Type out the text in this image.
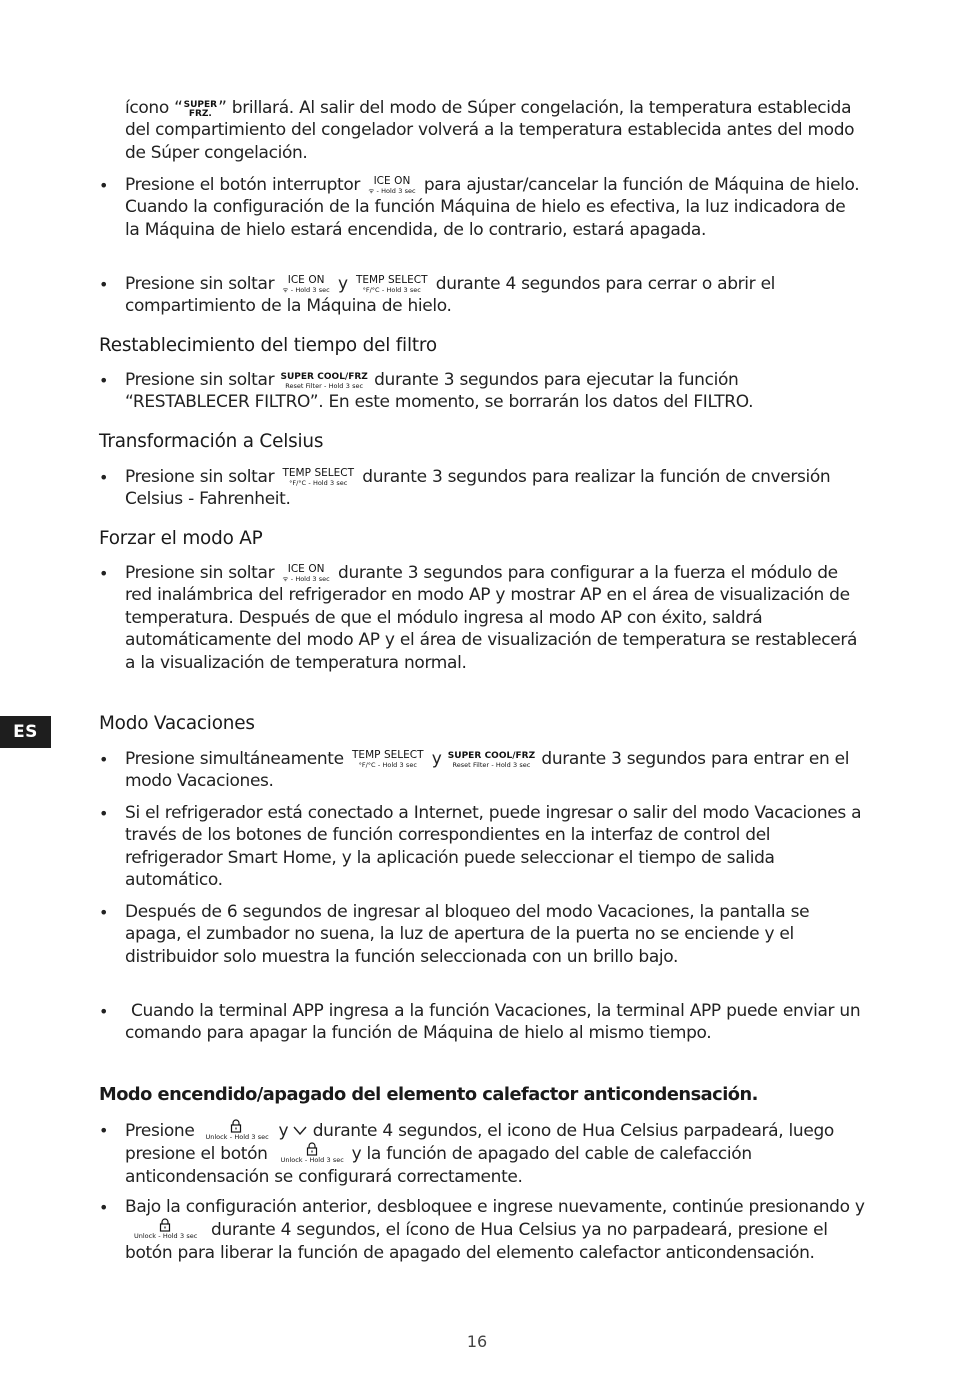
ícono “ SUPER
FRZ. ” brillará. Al salir del modo de Súper congelación, la temperatura establecida del compartimiento del congelador volverá a la temperatura establecida antes del modo de Súper congelación.
• Presione el botón interruptor	ICE ON
ᯤ - Hold 3 sec para ajustar/cancelar la función de Máquina de hielo. Cuando la configuración de la función Máquina de hielo es efectiva, la luz indicadora de la Máquina de hielo estará encendida, de lo contrario, estará apagada.
• Presione sin soltar	ICE ON
ᯤ - Hold 3 sec y TEMP SELECT
°F/°C - Hold 3 sec durante 4 segundos para cerrar o abrir el compartimiento de la Máquina de hielo.
Restablecimiento del tiempo del filtro
• Presione sin soltar SUPER COOL/FRZ
Reset Filter - Hold 3 sec durante 3 segundos para ejecutar la función “RESTABLECER FILTRO”. En este momento, se borrarán los datos del FILTRO.
Transformación a Celsius
• Presione sin soltar TEMP SELECT
°F/°C - Hold 3 sec durante 3 segundos para realizar la función de cnversión Celsius - Fahrenheit.
Forzar el modo AP
• Presione sin soltar	ICE ON
ᯤ - Hold 3 sec durante 3 segundos para configurar a la fuerza el módulo de red inalámbrica del refrigerador en modo AP y mostrar AP en el área de visualización de temperatura. Después de que el módulo ingresa al modo AP con éxito, saldrá automáticamente del modo AP y el área de visualización de temperatura se restablecerá a la visualización de temperatura normal.
ES	Modo Vacaciones
• Presione simultáneamente TEMP SELECT
°F/°C - Hold 3 sec y SUPER COOL/FRZ
Reset Filter - Hold 3 sec durante 3 segundos para entrar en el modo Vacaciones.
• Si el refrigerador está conectado a Internet, puede ingresar o salir del modo Vacaciones a través de los botones de función correspondientes en la interfaz de control del refrigerador Smart Home, y la aplicación puede seleccionar el tiempo de salida automático.
• Después de 6 segundos de ingresar al bloqueo del modo Vacaciones, la pantalla se apaga, el zumbador no suena, la luz de apertura de la puerta no se enciende y el distribuidor solo muestra la función seleccionada con un brillo bajo.
•	Cuando la terminal APP ingresa a la función Vacaciones, la terminal APP puede enviar un comando para apagar la función de Máquina de hielo al mismo tiempo.
Modo encendido/apagado del elemento calefactor anticondensación.
• Presione Unlock - Hold 3 sec y durante 4 segundos, el icono de Hua Celsius parpadeará, luego presione el botón Unlock - Hold 3 sec y la función de apagado del cable de calefacción anticondensación se configurará correctamente.
• Bajo la configuración anterior, desbloquee e ingrese nuevamente, continúe presionando y
Unlock - Hold 3 sec durante 4 segundos, el ícono de Hua Celsius ya no parpadeará, presione el botón para liberar la función de apagado del elemento calefactor anticondensación.
16
